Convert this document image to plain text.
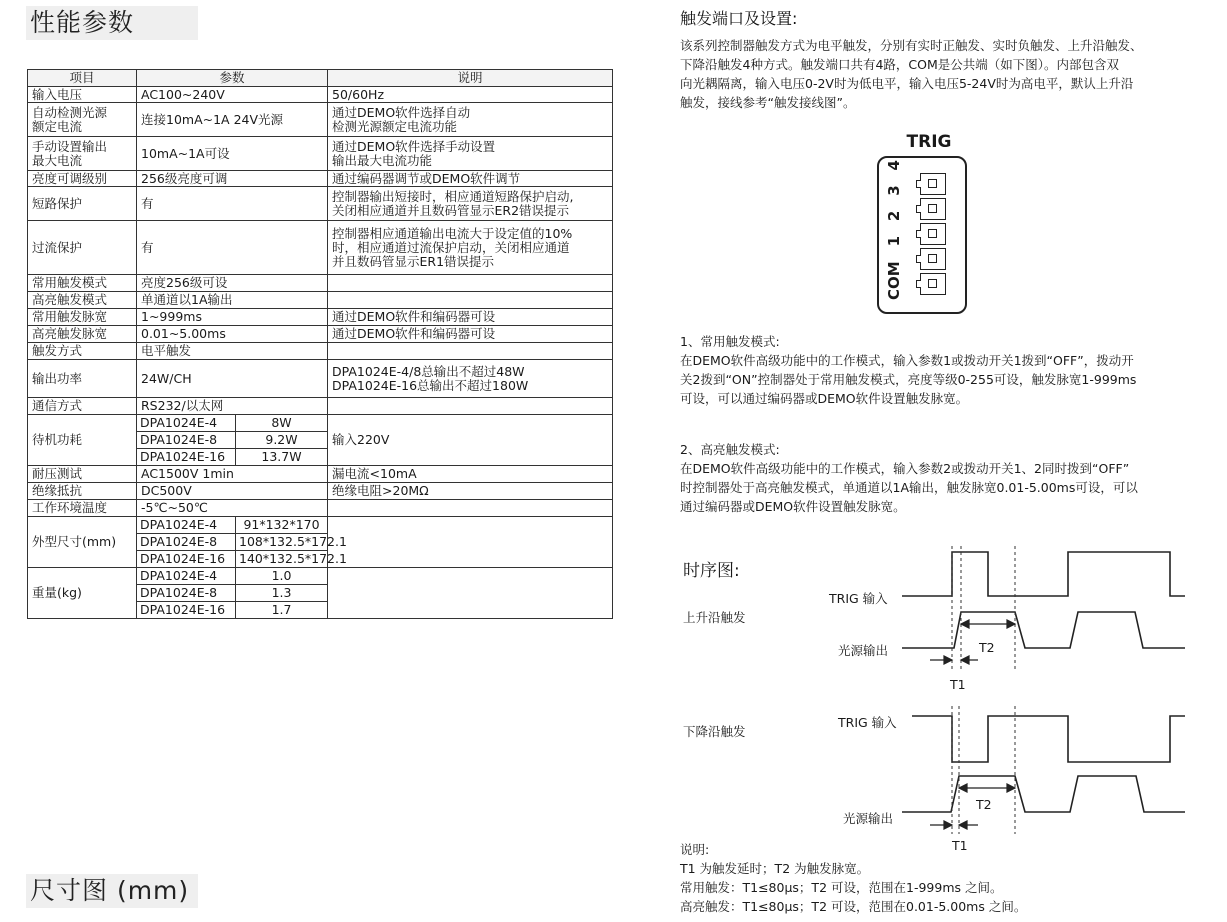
性能参数
尺寸图 (mm)
项目	参数		说明
输入电压	AC100~240V		50/60Hz
自动检测光源
额定电流	连接10mA~1A 24V光源		通过DEMO软件选择自动
检测光源额定电流功能
手动设置输出
最大电流	10mA~1A可设		通过DEMO软件选择手动设置
输出最大电流功能
亮度可调级别	256级亮度可调		通过编码器调节或DEMO软件调节
短路保护	有		控制器输出短接时，相应通道短路保护启动,
关闭相应通道并且数码管显示ER2错误提示
过流保护	有		控制器相应通道输出电流大于设定值的10%
时，相应通道过流保护启动，关闭相应通道
并且数码管显示ER1错误提示
常用触发模式	亮度256级可设		
高亮触发模式	单通道以1A输出		
常用触发脉宽	1~999ms		通过DEMO软件和编码器可设
高亮触发脉宽	0.01~5.00ms		通过DEMO软件和编码器可设
触发方式	电平触发		
输出功率	24W/CH		DPA1024E-4/8总输出不超过48W
DPA1024E-16总输出不超过180W
通信方式	RS232/以太网		
待机功耗	DPA1024E-4	8W	输入220V
	DPA1024E-8	9.2W	
	DPA1024E-16	13.7W	
耐压测试	AC1500V 1min		漏电流<10mA
绝缘抵抗	DC500V		绝缘电阻>20MΩ
工作环境温度	-5℃~50℃		
外型尺寸(mm)	DPA1024E-4	91*132*170	
	DPA1024E-8	108*132.5*172.1	
	DPA1024E-16	140*132.5*172.1	
重量(kg)	DPA1024E-4	1.0	
	DPA1024E-8	1.3	
	DPA1024E-16	1.7	
触发端口及设置:
该系列控制器触发方式为电平触发，分别有实时正触发、实时负触发、上升沿触发、
下降沿触发4种方式。触发端口共有4路，COM是公共端（如下图）。内部包含双
向光耦隔离，输入电压0-2V时为低电平，输入电压5-24V时为高电平，默认上升沿
触发，接线参考“触发接线图”。
TRIG
COM
1
2
3
4
1、常用触发模式:
在DEMO软件高级功能中的工作模式，输入参数1或拨动开关1拨到“OFF”，拨动开
关2拨到“ON”控制器处于常用触发模式，亮度等级0-255可设，触发脉宽1-999ms
可设，可以通过编码器或DEMO软件设置触发脉宽。
2、高亮触发模式:
在DEMO软件高级功能中的工作模式，输入参数2或拨动开关1、2同时拨到“OFF”
时控制器处于高亮触发模式，单通道以1A输出，触发脉宽0.01-5.00ms可设，可以
通过编码器或DEMO软件设置触发脉宽。
时序图:
上升沿触发
下降沿触发
TRIG 输入
光源输出
T1
T2
TRIG 输入
光源输出
T1
T2
说明:
T1 为触发延时；T2 为触发脉宽。
常用触发：T1≤80μs；T2 可设，范围在1-999ms 之间。
高亮触发：T1≤80μs；T2 可设，范围在0.01-5.00ms 之间。
